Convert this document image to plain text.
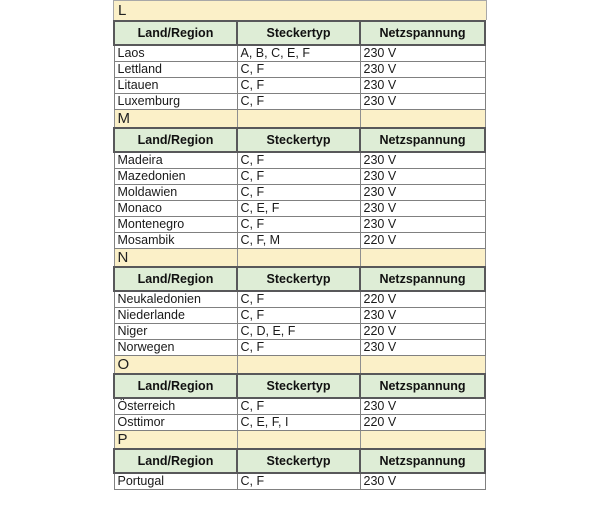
L
Land/Region	Steckertyp	Netzspannung
Laos	A, B, C, E, F	230 V
Lettland	C, F	230 V
Litauen	C, F	230 V
Luxemburg	C, F	230 V
M		
Land/Region	Steckertyp	Netzspannung
Madeira	C, F	230 V
Mazedonien	C, F	230 V
Moldawien	C, F	230 V
Monaco	C, E, F	230 V
Montenegro	C, F	230 V
Mosambik	C, F, M	220 V
N		
Land/Region	Steckertyp	Netzspannung
Neukaledonien	C, F	220 V
Niederlande	C, F	230 V
Niger	C, D, E, F	220 V
Norwegen	C, F	230 V
O		
Land/Region	Steckertyp	Netzspannung
Österreich	C, F	230 V
Osttimor	C, E, F, I	220 V
P		
Land/Region	Steckertyp	Netzspannung
Portugal	C, F	230 V
